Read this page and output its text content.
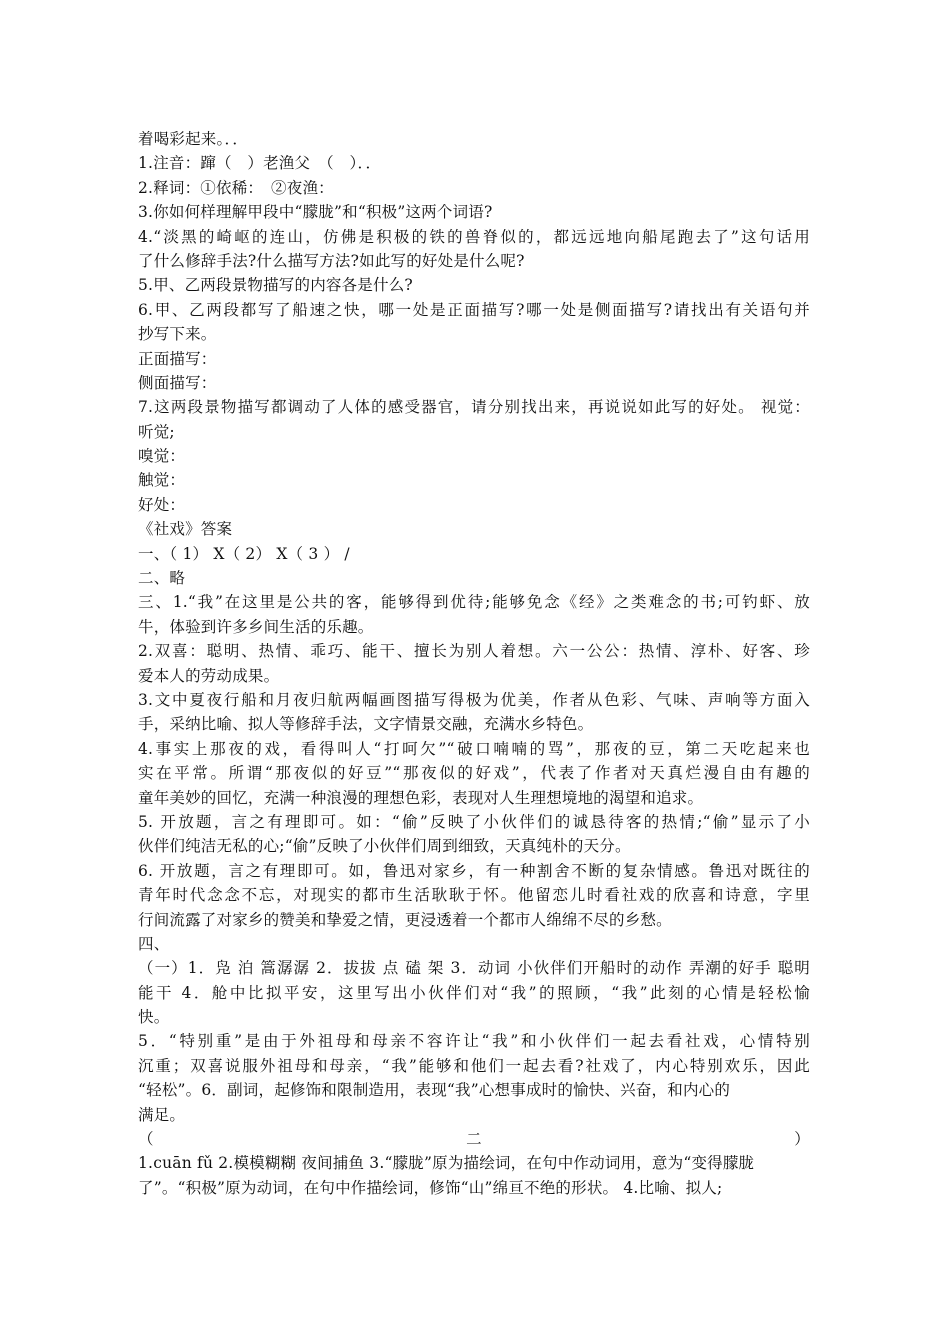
着喝彩起来。．．
1.注音：蹿（　）老渔父　（　）．．
2.释词：①依稀：　②夜渔：
3.你如何样理解甲段中“朦胧”和“积极”这两个词语?
4.“淡黑的崎岖的连山，仿佛是积极的铁的兽脊似的，都远远地向船尾跑去了”这句话用
了什么修辞手法?什么描写方法?如此写的好处是什么呢?
5.甲、乙两段景物描写的内容各是什么?
6.甲、乙两段都写了船速之快，哪一处是正面描写?哪一处是侧面描写?请找出有关语句并
抄写下来。
正面描写：
侧面描写：
7.这两段景物描写都调动了人体的感受器官，请分别找出来，再说说如此写的好处。 视觉：
听觉;
嗅觉：
触觉：
好处：
《社戏》答案
一、（ 1） X（ 2） X（ 3 ） /
二、略
三、1.“我”在这里是公共的客，能够得到优待;能够免念《经》之类难念的书;可钓虾、放
牛，体验到许多乡间生活的乐趣。
2.双喜：聪明、热情、乖巧、能干、擅长为别人着想。六一公公：热情、淳朴、好客、珍
爱本人的劳动成果。
3.文中夏夜行船和月夜归航两幅画图描写得极为优美，作者从色彩、气味、声响等方面入
手，采纳比喻、拟人等修辞手法，文字情景交融，充满水乡特色。
4.事实上那夜的戏，看得叫人“打呵欠”“破口喃喃的骂”，那夜的豆，第二天吃起来也
实在平常。所谓“那夜似的好豆”“那夜似的好戏”，代表了作者对天真烂漫自由有趣的
童年美妙的回忆，充满一种浪漫的理想色彩，表现对人生理想境地的渴望和追求。
5. 开放题，言之有理即可。如：“偷”反映了小伙伴们的诚恳待客的热情;“偷”显示了小
伙伴们纯洁无私的心;“偷”反映了小伙伴们周到细致，天真纯朴的天分。
6. 开放题，言之有理即可。如，鲁迅对家乡，有一种割舍不断的复杂情感。鲁迅对既往的
青年时代念念不忘，对现实的都市生活耿耿于怀。他留恋儿时看社戏的欣喜和诗意，字里
行间流露了对家乡的赞美和挚爱之情，更浸透着一个都市人绵绵不尽的乡愁。
四、
（一）1．凫 泊 篙潺潺 2．拔拔 点 磕 架 3．动词 小伙伴们开船时的动作 弄潮的好手 聪明
能干 4．舱中比拟平安，这里写出小伙伴们对“我”的照顾，“我”此刻的心情是轻松愉
快。
5．“特别重”是由于外祖母和母亲不容许让“我”和小伙伴们一起去看社戏，心情特别
沉重；双喜说服外祖母和母亲，“我”能够和他们一起去看?社戏了，内心特别欢乐，因此
“轻松”。6．副词，起修饰和限制造用，表现“我”心想事成时的愉快、兴奋，和内心的
满足。
（二）
1.cuān fǔ 2.模模糊糊 夜间捕鱼 3.“朦胧”原为描绘词，在句中作动词用，意为“变得朦胧
了”。“积极”原为动词，在句中作描绘词，修饰“山”绵亘不绝的形状。 4.比喻、拟人;
